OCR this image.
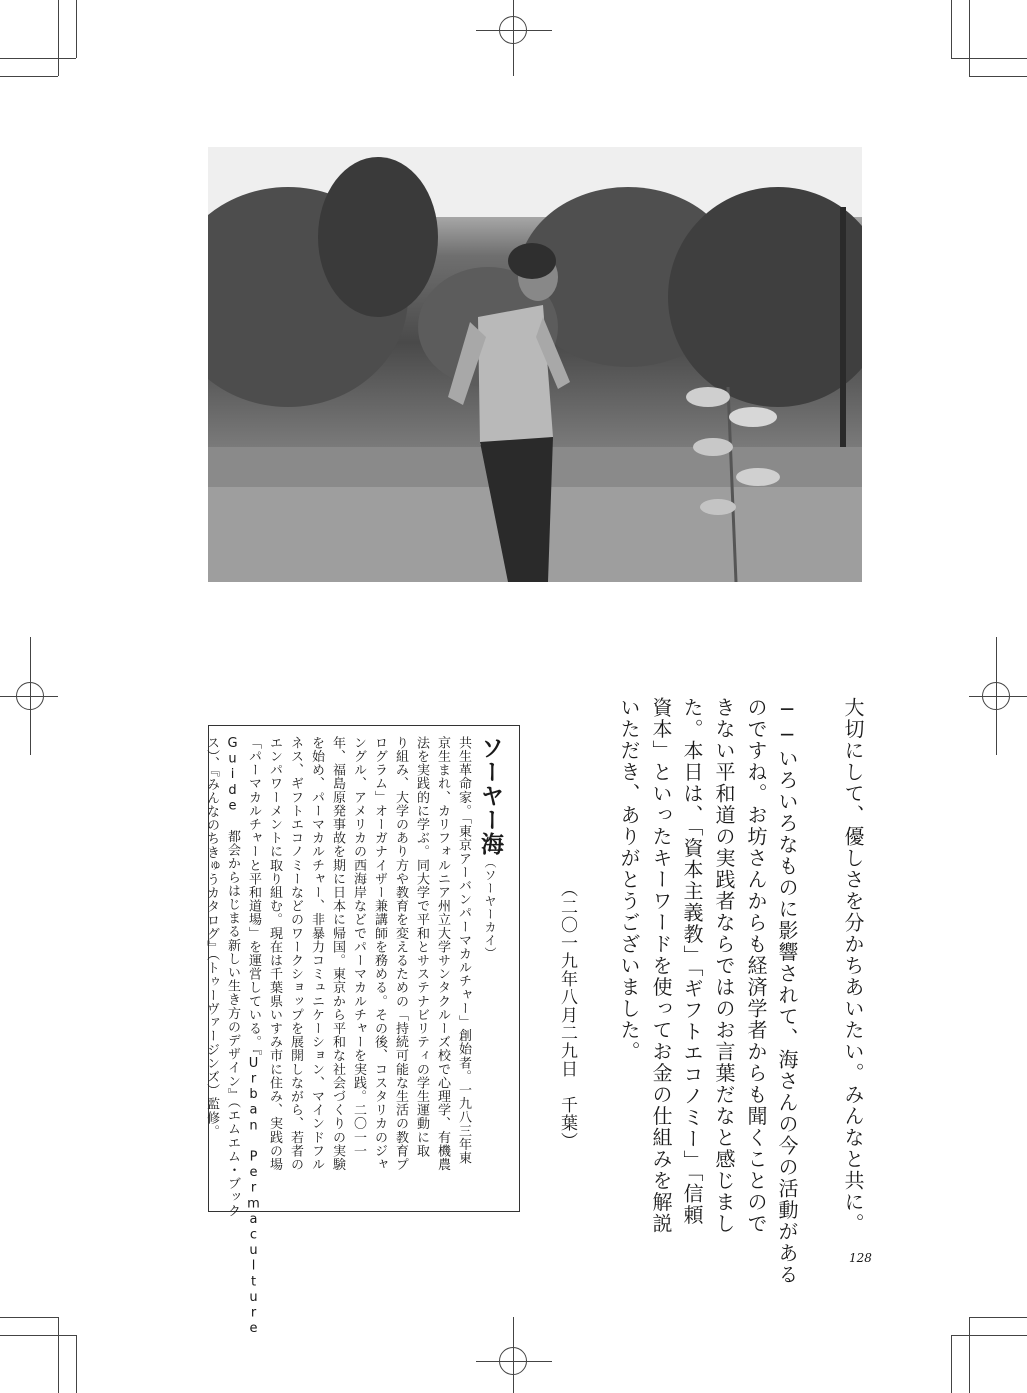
大切にして、優しさを分かちあいたい。みんなと共に。
──いろいろなものに影響されて、海さんの今の活動がある
のですね。お坊さんからも経済学者からも聞くことので
きない平和道の実践者ならではのお言葉だなと感じまし
た。本日は、「資本主義教」「ギフトエコノミー」「信頼
資本」といったキーワードを使ってお金の仕組みを解説
いただき、ありがとうございました。
（二〇一九年八月二九日　千葉）
ソーヤー海（ソーヤーカイ）
共生革命家。「東京アーバンパーマカルチャー」創始者。一九八三年東
京生まれ、カリフォルニア州立大学サンタクルーズ校で心理学、有機農
法を実践的に学ぶ。同大学で平和とサステナビリティの学生運動に取
り組み、大学のあり方や教育を変えるための「持続可能な生活の教育プ
ログラム」オーガナイザー兼講師を務める。その後、コスタリカのジャ
ングル、アメリカの西海岸などでパーマカルチャーを実践。二〇一一
年、福島原発事故を期に日本に帰国。東京から平和な社会づくりの実験
を始め、パーマカルチャー、非暴力コミュニケーション、マインドフル
ネス、ギフトエコノミーなどのワークショップを展開しながら、若者の
エンパワーメントに取り組む。現在は千葉県いすみ市に住み、実践の場
「パーマカルチャーと平和道場」を運営している。『Urban Permaculture
Guide 都会からはじまる新しい生き方のデザイン』（エムエム・ブック
ス）、『みんなのちきゅうカタログ』（トゥーヴァージンズ）監修。
128
